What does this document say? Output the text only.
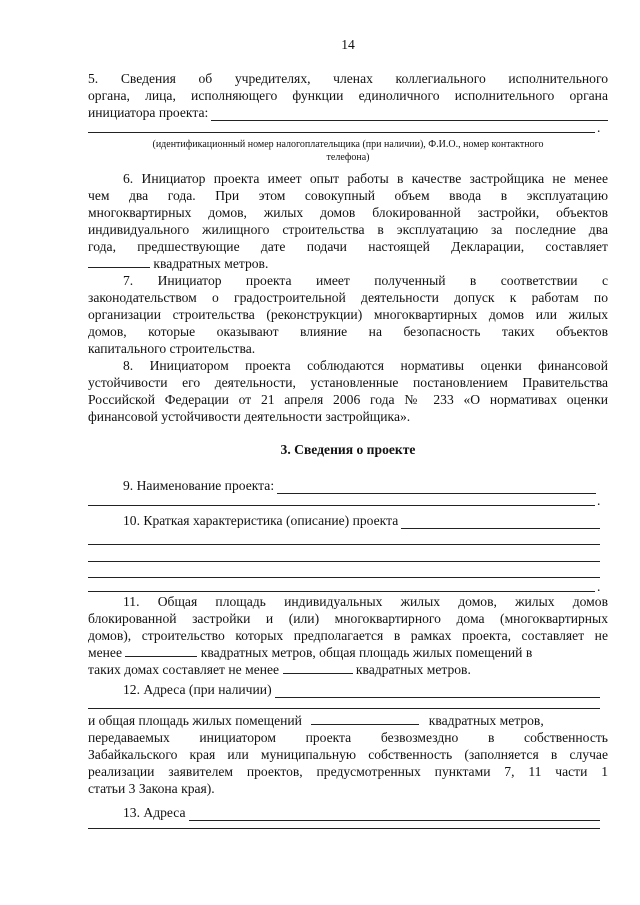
14
5. Сведения об учредителях, членах коллегиального исполнительного
органа, лица, исполняющего функции единоличного исполнительного органа
инициатора проекта:
.
(идентификационный номер налогоплательщика (при наличии), Ф.И.О., номер контактного
телефона)
6. Инициатор проекта имеет опыт работы в качестве застройщика не менее
чем два года. При этом совокупный объем ввода в эксплуатацию
многоквартирных домов, жилых домов блокированной застройки, объектов
индивидуального жилищного строительства в эксплуатацию за последние два
года, предшествующие дате подачи настоящей Декларации, составляет
квадратных метров.
7. Инициатор проекта имеет полученный в соответствии с
законодательством о градостроительной деятельности допуск к работам по
организации строительства (реконструкции) многоквартирных домов или жилых
домов, которые оказывают влияние на безопасность таких объектов
капитального строительства.
8. Инициатором проекта соблюдаются нормативы оценки финансовой
устойчивости его деятельности, установленные постановлением Правительства
Российской Федерации от 21 апреля 2006 года № 233 «О нормативах оценки
финансовой устойчивости деятельности застройщика».
3. Сведения о проекте
9. Наименование проекта:
.
10. Краткая характеристика (описание) проекта
.
11. Общая площадь индивидуальных жилых домов, жилых домов
блокированной застройки и (или) многоквартирного дома (многоквартирных
домов), строительство которых предполагается в рамках проекта, составляет не
менее	квадратных метров, общая площадь жилых помещений в
таких домах составляет не менее	квадратных метров.
12. Адреса (при наличии)
и общая площадь жилых помещений	квадратных метров,
передаваемых инициатором проекта безвозмездно в собственность
Забайкальского края или муниципальную собственность (заполняется в случае
реализации заявителем проектов, предусмотренных пунктами 7, 11 части 1
статьи 3 Закона края).
13. Адреса
